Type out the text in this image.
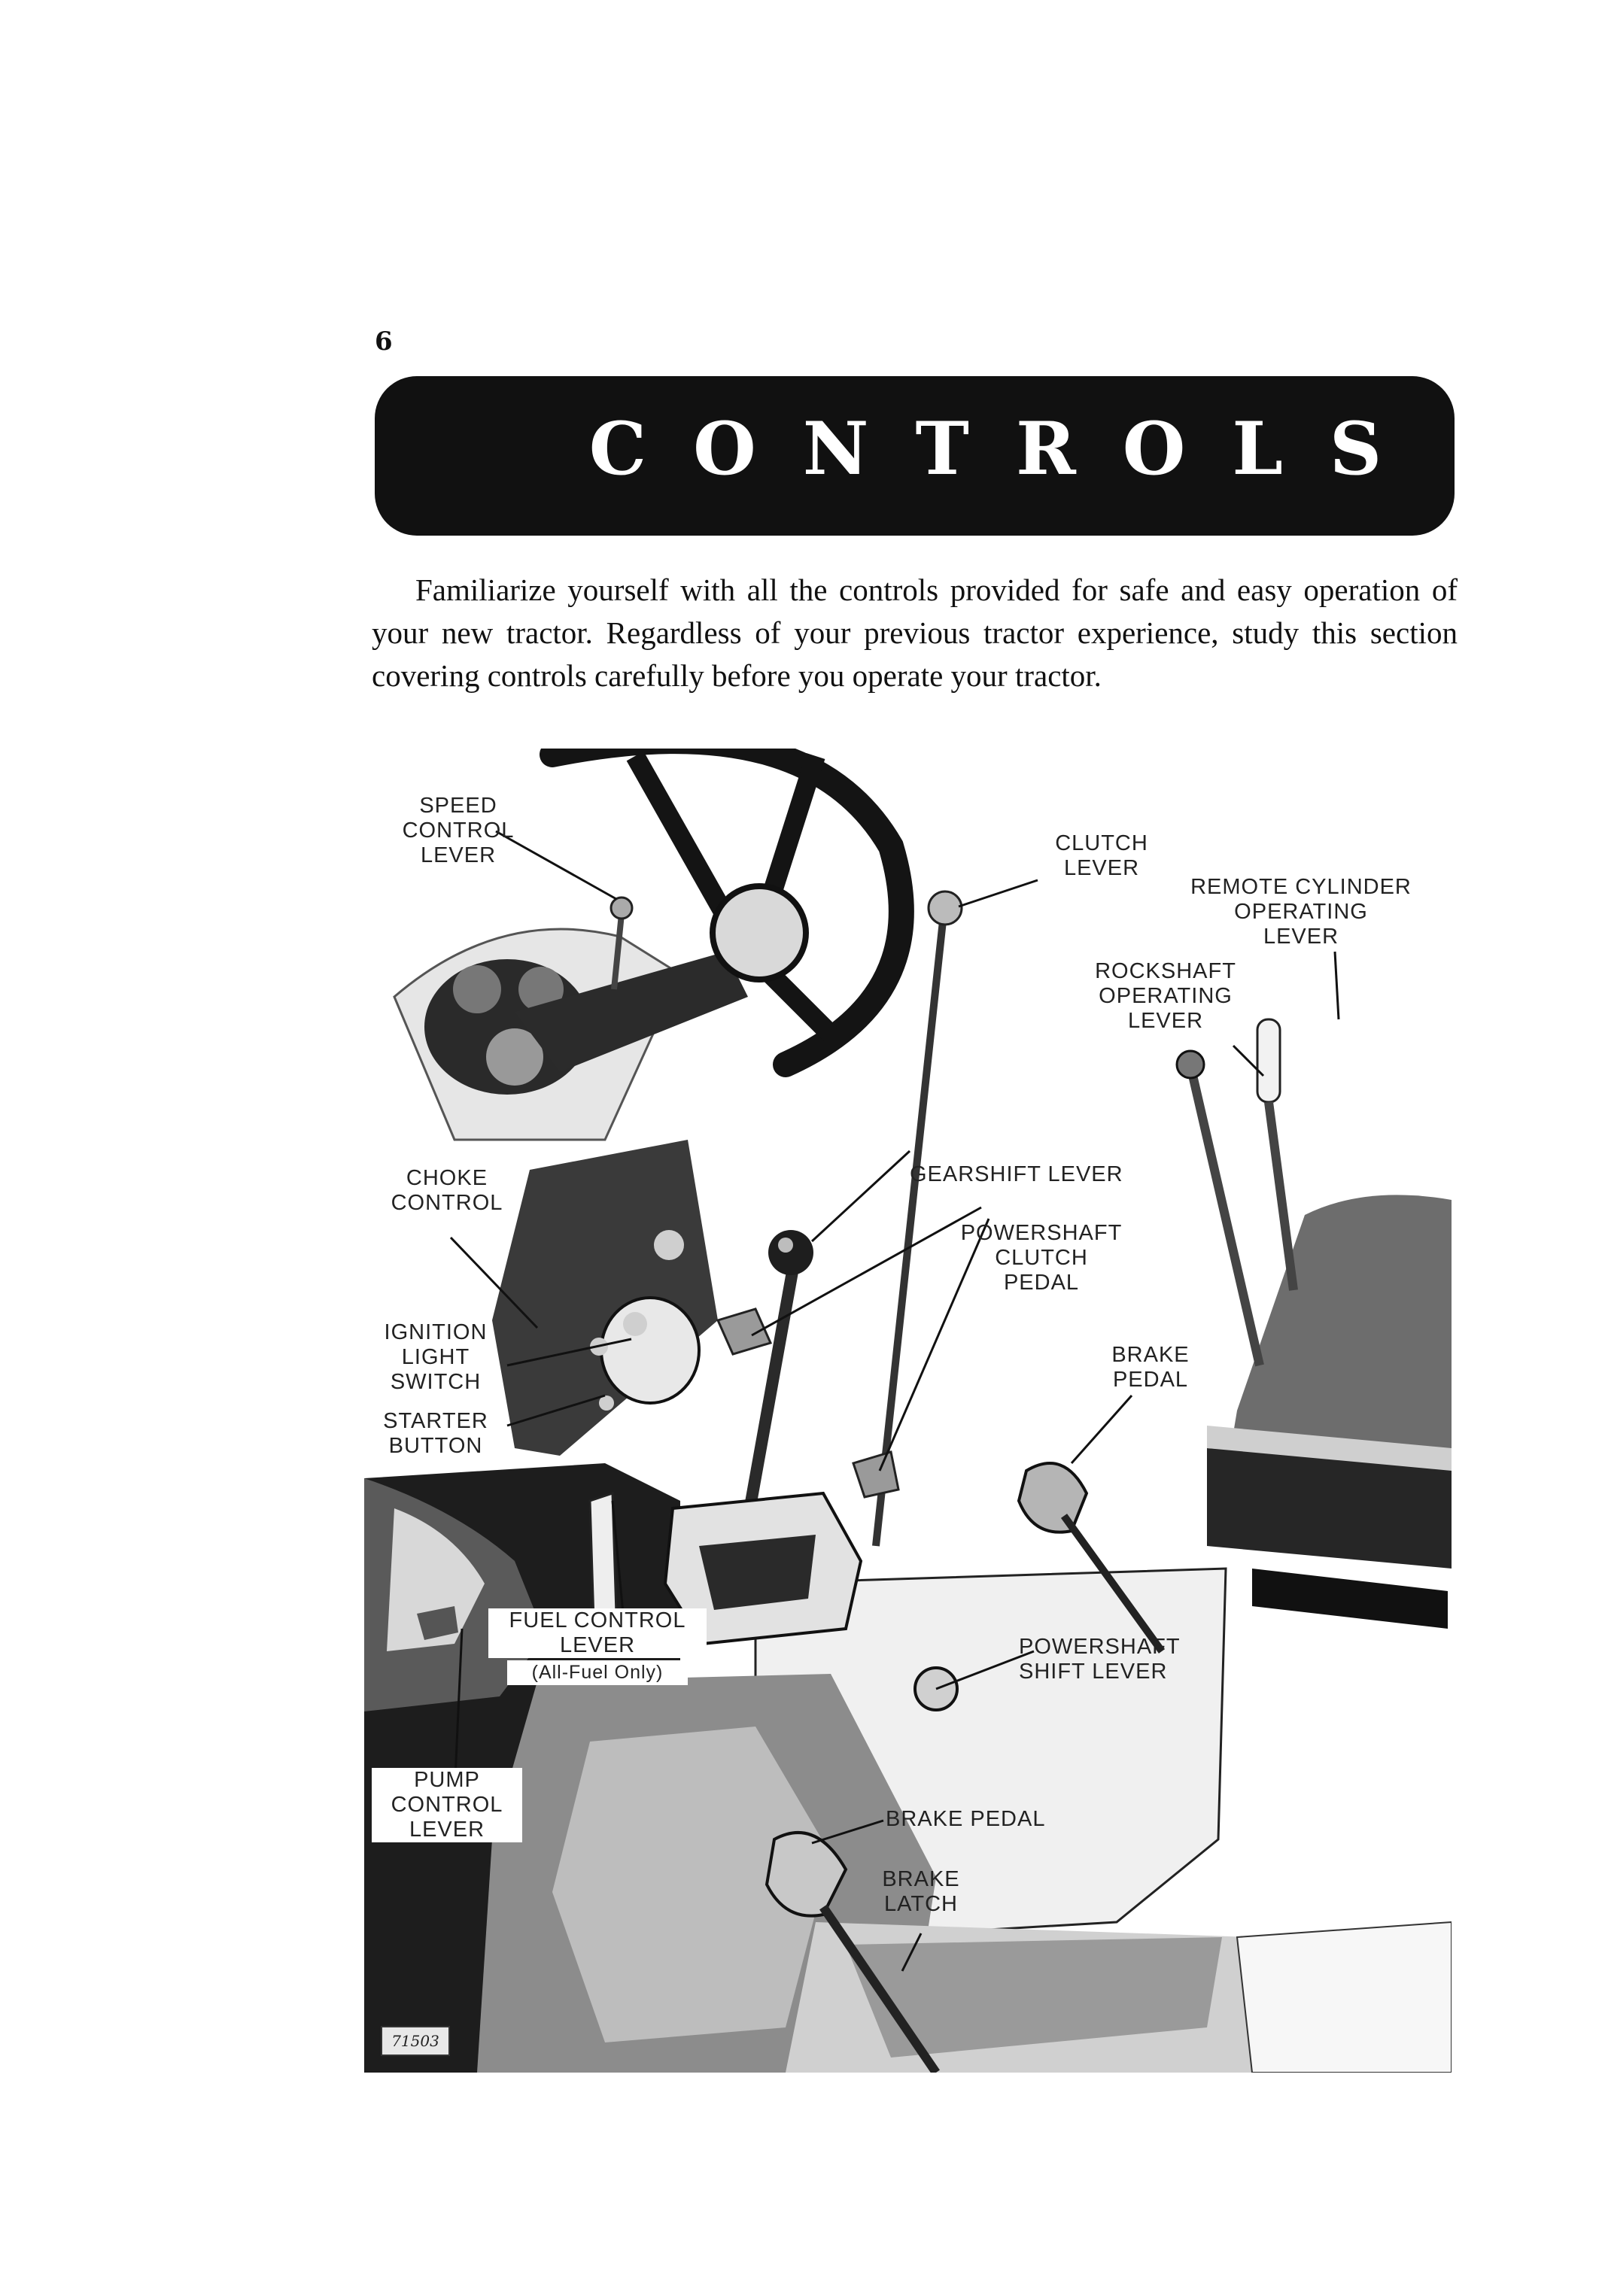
6
CONTROLS
Familiarize yourself with all the controls provided for safe and easy operation of your new tractor. Regardless of your previous tractor experience, study this section covering controls carefully before you operate your tractor.
SPEED
CONTROL
LEVER	CLUTCH
LEVER
REMOTE CYLINDER
OPERATING
LEVER
ROCKSHAFT
OPERATING
LEVER
CHOKE
CONTROL
GEARSHIFT LEVER
POWERSHAFT
CLUTCH
PEDAL
IGNITION
LIGHT
SWITCH
BRAKE
PEDAL
STARTER
BUTTON
FUEL CONTROL
LEVER
(All-Fuel Only)
POWERSHAFT
SHIFT LEVER
PUMP
CONTROL
LEVER	BRAKE PEDAL
BRAKE
LATCH
71503
